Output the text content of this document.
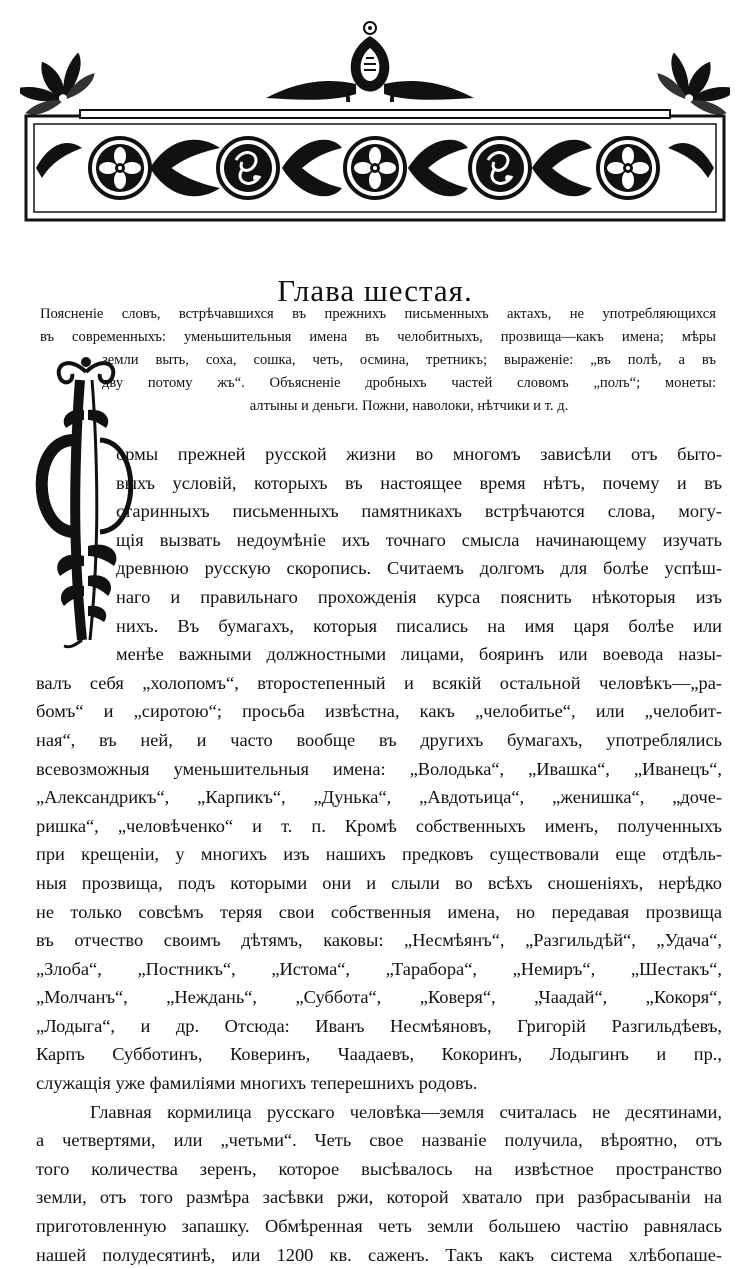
Глава шестая.
Поясненіе словъ, встрѣчавшихся въ прежнихъ письменныхъ актахъ, не употребляющихся
въ современныхъ: уменьшительныя имена въ челобитныхъ, прозвища—какъ имена; мѣры
земли выть, соха, сошка, четь, осмина, третникъ; выраженіе: „въ полѣ, а въ
дву потому жъ“. Объясненіе дробныхъ частей словомъ „полъ“; монеты:
алтыны и деньги. Пожни, наволоки, нѣтчики и т. д.
Ф
ормы прежней русской жизни во многомъ зависѣли отъ быто-
выхъ условій, которыхъ въ настоящее время нѣтъ, почему и въ
старинныхъ письменныхъ памятникахъ встрѣчаются слова, могу-
щія вызвать недоумѣніе ихъ точнаго смысла начинающему изучать
древнюю русскую скоропись. Считаемъ долгомъ для болѣе успѣш-
наго и правильнаго прохожденія курса пояснить нѣкоторыя изъ
нихъ. Въ бумагахъ, которыя писались на имя царя болѣе или
менѣе важными должностными лицами, бояринъ или воевода назы-
валъ себя „холопомъ“, второстепенный и всякій остальной человѣкъ—„ра-
бомъ“ и „сиротою“; просьба извѣстна, какъ „челобитье“, или „челобит-
ная“, въ ней, и часто вообще въ другихъ бумагахъ, употреблялись
всевозможныя уменьшительныя имена: „Володька“, „Ивашка“, „Иванецъ“,
„Александрикъ“, „Карпикъ“, „Дунька“, „Авдотьица“, „женишка“, „доче-
ришка“, „человѣченко“ и т. п. Кромѣ собственныхъ именъ, полученныхъ
при крещеніи, у многихъ изъ нашихъ предковъ существовали еще отдѣль-
ныя прозвища, подъ которыми они и слыли во всѣхъ сношеніяхъ, нерѣдко
не только совсѣмъ теряя свои собственныя имена, но передавая прозвища
въ отчество своимъ дѣтямъ, каковы: „Несмѣянъ“, „Разгильдѣй“, „Удача“,
„Злоба“, „Постникъ“, „Истома“, „Тарабора“, „Немиръ“, „Шестакъ“,
„Молчанъ“, „Неждань“, „Суббота“, „Коверя“, „Чаадай“, „Кокоря“,
„Лодыга“, и др. Отсюда: Иванъ Несмѣяновъ, Григорій Разгильдѣевъ,
Карпъ Субботинъ, Коверинъ, Чаадаевъ, Кокоринъ, Лодыгинъ и пр.,
служащія уже фамиліями многихъ теперешнихъ родовъ.
Главная кормилица русскаго человѣка—земля считалась не десятинами,
а четвертями, или „четьми“. Четь свое названіе получила, вѣроятно, отъ
того количества зеренъ, которое высѣвалось на извѣстное пространство
земли, отъ того размѣра засѣвки ржи, которой хватало при разбрасываніи на
приготовленную запашку. Обмѣренная четь земли большею частію равнялась
нашей полудесятинѣ, или 1200 кв. саженъ. Такъ какъ система хлѣбопаше-
